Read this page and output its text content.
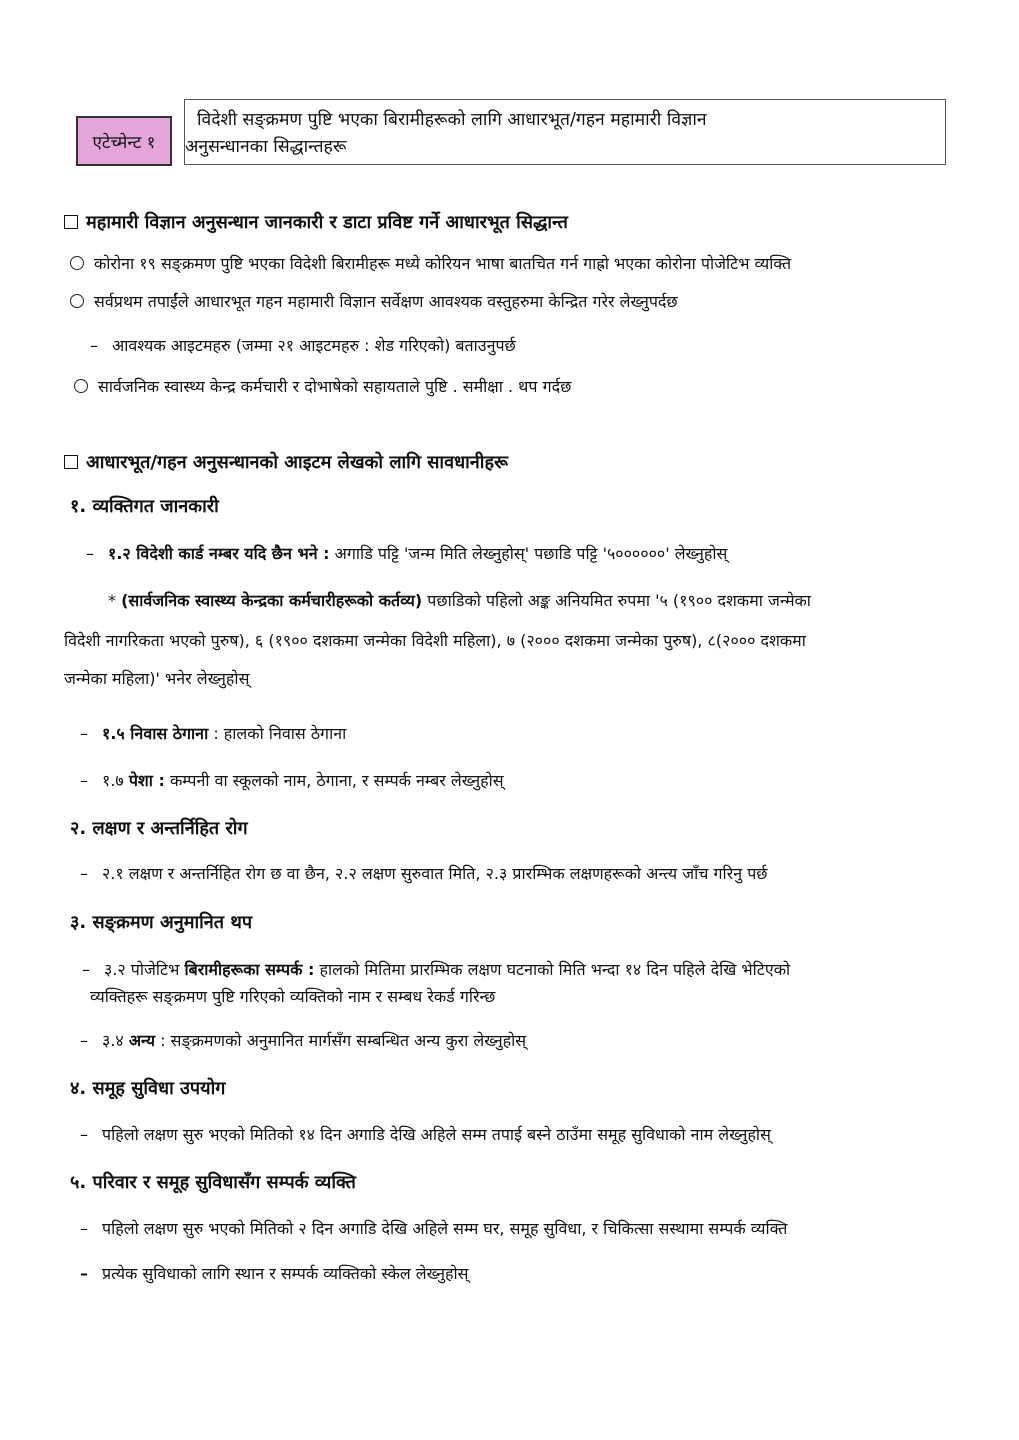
एटेच्मेन्ट १
विदेशी सङ्क्रमण पुष्टि भएका बिरामीहरूको लागि आधारभूत/गहन महामारी विज्ञान
अनुसन्धानका सिद्धान्तहरू
महामारी विज्ञान अनुसन्धान जानकारी र डाटा प्रविष्ट गर्ने आधारभूत सिद्धान्त
कोरोना १९ सङ्क्रमण पुष्टि भएका विदेशी बिरामीहरू मध्ये कोरियन भाषा बातचित गर्न गाह्रो भएका कोरोना पोजेटिभ व्यक्ति
सर्वप्रथम तपाईंले आधारभूत गहन महामारी विज्ञान सर्वेक्षण आवश्यक वस्तुहरुमा केन्द्रित गरेर लेख्नुपर्दछ
– आवश्यक आइटमहरु (जम्मा २१ आइटमहरु : शेड गरिएको) बताउनुपर्छ
सार्वजनिक स्वास्थ्य केन्द्र कर्मचारी र दोभाषेको सहायताले पुष्टि . समीक्षा . थप गर्दछ
आधारभूत/गहन अनुसन्धानको आइटम लेखको लागि सावधानीहरू
१. व्यक्तिगत जानकारी
– १.२ विदेशी कार्ड नम्बर यदि छैन भने : अगाडि पट्टि 'जन्म मिति लेख्नुहोस्' पछाडि पट्टि '५००००००' लेख्नुहोस्
* (सार्वजनिक स्वास्थ्य केन्द्रका कर्मचारीहरूको कर्तव्य) पछाडिको पहिलो अङ्क अनियमित रुपमा '५ (१९०० दशकमा जन्मेका
विदेशी नागरिकता भएको पुरुष), ६ (१९०० दशकमा जन्मेका विदेशी महिला), ७ (२००० दशकमा जन्मेका पुरुष), ८(२००० दशकमा
जन्मेका महिला)' भनेर लेख्नुहोस्
– १.५ निवास ठेगाना : हालको निवास ठेगाना
– १.७ पेशा : कम्पनी वा स्कूलको नाम, ठेगाना, र सम्पर्क नम्बर लेख्नुहोस्
२. लक्षण र अन्तर्निहित रोग
– २.१ लक्षण र अन्तर्निहित रोग छ वा छैन, २.२ लक्षण सुरुवात मिति, २.३ प्रारम्भिक लक्षणहरूको अन्त्य जाँच गरिनु पर्छ
३. सङ्क्रमण अनुमानित थप
– ३.२ पोजेटिभ बिरामीहरूका सम्पर्क : हालको मितिमा प्रारम्भिक लक्षण घटनाको मिति भन्दा १४ दिन पहिले देखि भेटिएको
व्यक्तिहरू सङ्क्रमण पुष्टि गरिएको व्यक्तिको नाम र सम्बध रेकर्ड गरिन्छ
– ३.४ अन्य : सङ्क्रमणको अनुमानित मार्गसँग सम्बन्धित अन्य कुरा लेख्नुहोस्
४. समूह सुविधा उपयोग
– पहिलो लक्षण सुरु भएको मितिको १४ दिन अगाडि देखि अहिले सम्म तपाई बस्ने ठाउँमा समूह सुविधाको नाम लेख्नुहोस्
५. परिवार र समूह सुविधासँग सम्पर्क व्यक्ति
– पहिलो लक्षण सुरु भएको मितिको २ दिन अगाडि देखि अहिले सम्म घर, समूह सुविधा, र चिकित्सा सस्थामा सम्पर्क व्यक्ति
– प्रत्येक सुविधाको लागि स्थान र सम्पर्क व्यक्तिको स्केल लेख्नुहोस्
